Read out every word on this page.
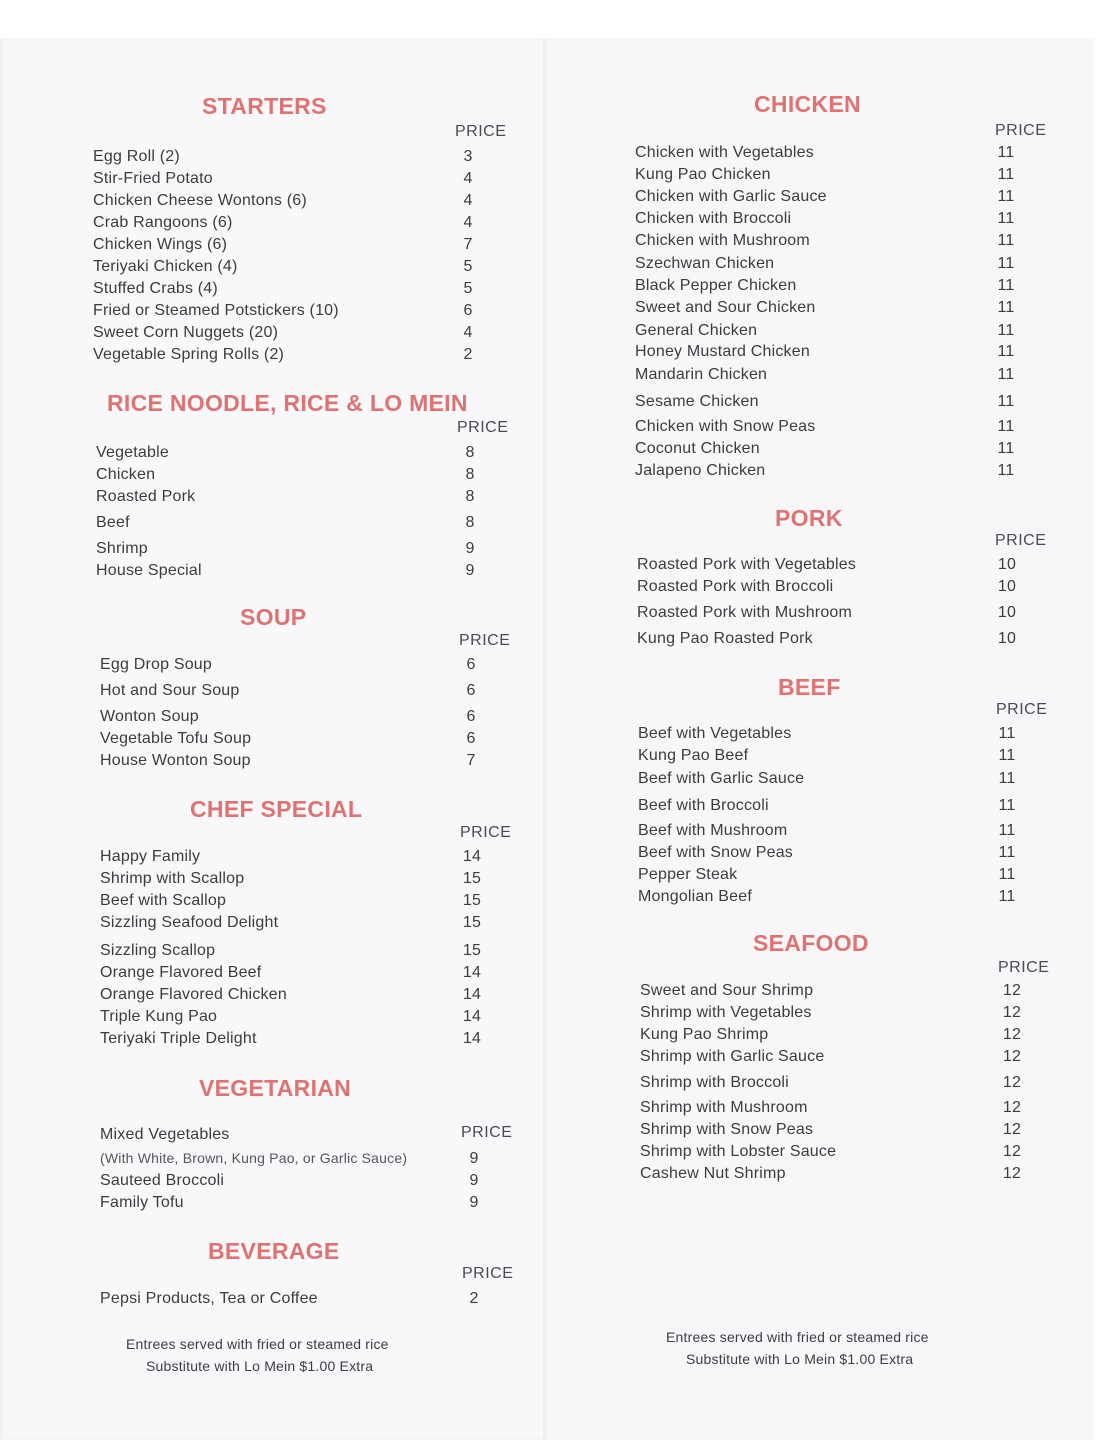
STARTERS
PRICE
Egg Roll (2)	3
Stir-Fried Potato	4
Chicken Cheese Wontons (6)	4
Crab Rangoons (6)	4
Chicken Wings (6)	7
Teriyaki Chicken (4)	5
Stuffed Crabs (4)	5
Fried or Steamed Potstickers (10)	6
Sweet Corn Nuggets (20)	4
Vegetable Spring Rolls (2)	2
RICE NOODLE, RICE & LO MEIN
PRICE
Vegetable	8
Chicken	8
Roasted Pork	8
Beef	8
Shrimp	9
House Special	9
SOUP
PRICE
Egg Drop Soup	6
Hot and Sour Soup	6
Wonton Soup	6
Vegetable Tofu Soup	6
House Wonton Soup	7
CHEF SPECIAL
PRICE
Happy Family	14
Shrimp with Scallop	15
Beef with Scallop	15
Sizzling Seafood Delight	15
Sizzling Scallop	15
Orange Flavored Beef	14
Orange Flavored Chicken	14
Triple Kung Pao	14
Teriyaki Triple Delight	14
VEGETARIAN
PRICE
Mixed Vegetables
(With White, Brown, Kung Pao, or Garlic Sauce)	9
Sauteed Broccoli	9
Family Tofu	9
BEVERAGE
PRICE
Pepsi Products, Tea or Coffee	2
CHICKEN
PRICE
Chicken with Vegetables	11
Kung Pao Chicken	11
Chicken with Garlic Sauce	11
Chicken with Broccoli	11
Chicken with Mushroom	11
Szechwan Chicken	11
Black Pepper Chicken	11
Sweet and Sour Chicken	11
General Chicken	11
Honey Mustard Chicken	11
Mandarin Chicken	11
Sesame Chicken	11
Chicken with Snow Peas	11
Coconut Chicken	11
Jalapeno Chicken	11
PORK
PRICE
Roasted Pork with Vegetables	10
Roasted Pork with Broccoli	10
Roasted Pork with Mushroom	10
Kung Pao Roasted Pork	10
BEEF
PRICE
Beef with Vegetables	11
Kung Pao Beef	11
Beef with Garlic Sauce	11
Beef with Broccoli	11
Beef with Mushroom	11
Beef with Snow Peas	11
Pepper Steak	11
Mongolian Beef	11
SEAFOOD
PRICE
Sweet and Sour Shrimp	12
Shrimp with Vegetables	12
Kung Pao Shrimp	12
Shrimp with Garlic Sauce	12
Shrimp with Broccoli	12
Shrimp with Mushroom	12
Shrimp with Snow Peas	12
Shrimp with Lobster Sauce	12
Cashew Nut Shrimp	12
Entrees served with fried or steamed rice
Substitute with Lo Mein $1.00 Extra
Entrees served with fried or steamed rice
Substitute with Lo Mein $1.00 Extra
